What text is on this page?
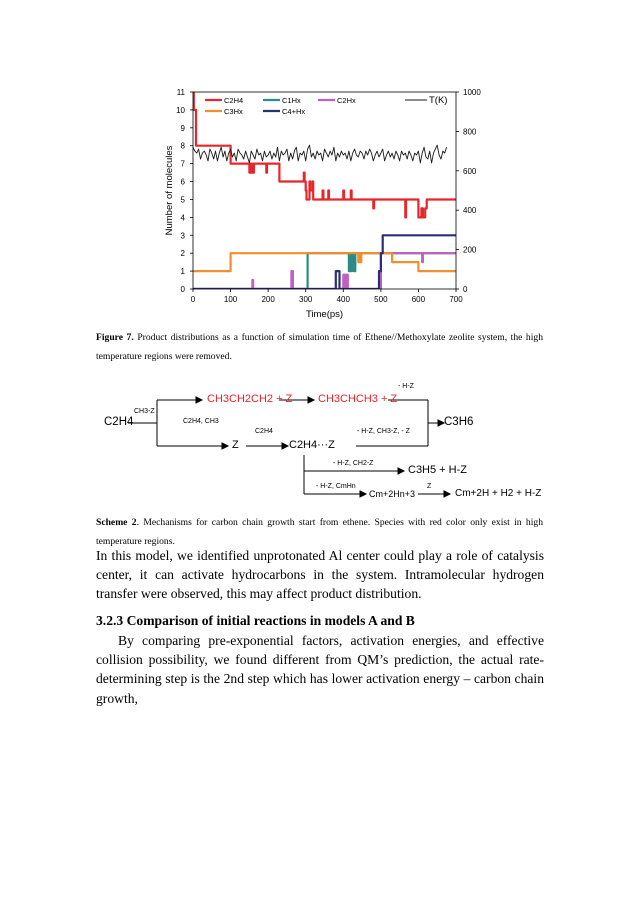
0	100	200	300	400	500	600	700
0
1
2
3
4
5
6
7
8
9
10
11
0
200
400
600
800
1000
Time(ps)
Number of molecules
C2H4	C1Hx	C2Hx
C3Hx	C4+Hx
T(K)
Figure 7. Product distributions as a function of simulation time of Ethene//Methoxylate zeolite system, the high temperature regions were removed.
C2H4
CH3-Z
CH3CH2CH2 + Z CH3CHCH3 + Z
- H-Z
C3H6
C2H4, CH3
C2H4
Z	C2H4···Z
- H-Z, CH3-Z, - Z
- H-Z, CH2-Z
C3H5 + H-Z
- H-Z, CmHn
Cm+2Hn+3
Z
Cm+2H + H2 + H-Z
Scheme 2. Mechanisms for carbon chain growth start from ethene. Species with red color only exist in high temperature regions.
In this model, we identified unprotonated Al center could play a role of catalysis center, it can activate hydrocarbons in the system. Intramolecular hydrogen transfer were observed, this may affect product distribution.
3.2.3 Comparison of initial reactions in models A and B
By comparing pre-exponential factors, activation energies, and effective collision possibility, we found different from QM’s prediction, the actual rate-determining step is the 2nd step which has lower activation energy – carbon chain growth,
